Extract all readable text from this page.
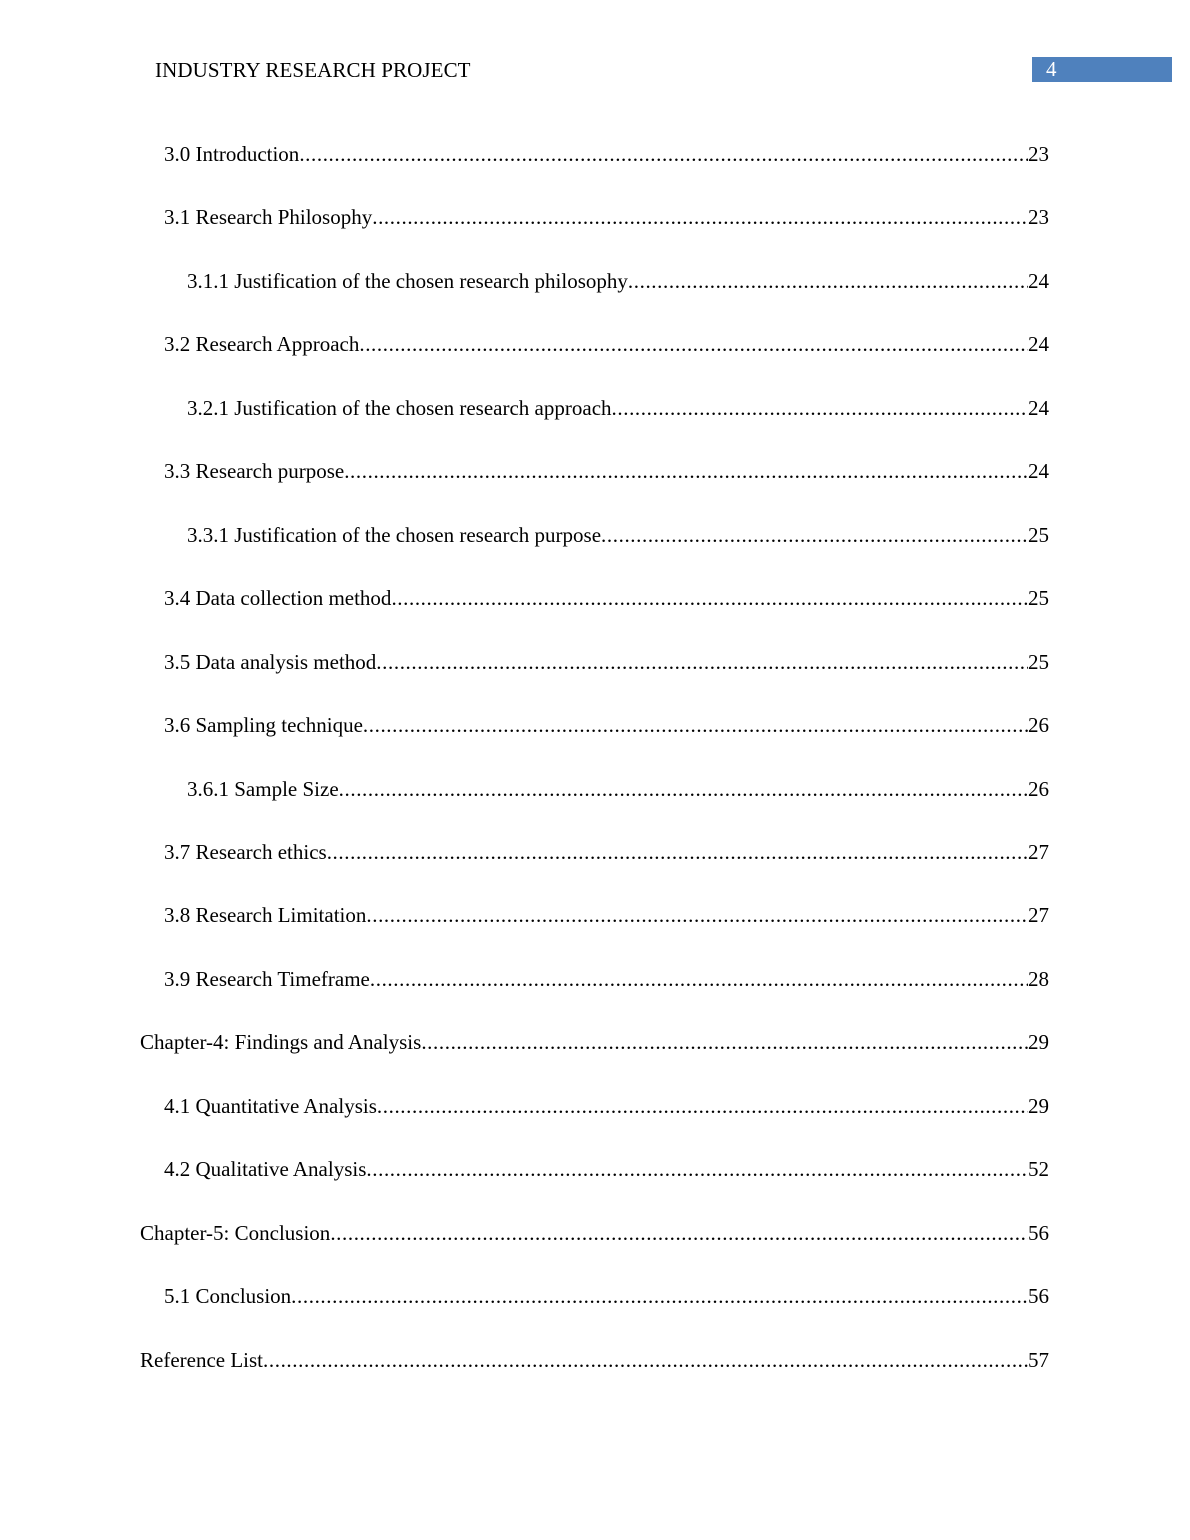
INDUSTRY RESEARCH PROJECT	4
3.0 Introduction .....	23
3.1 Research Philosophy .....	23
3.1.1 Justification of the chosen research philosophy .....	24
3.2 Research Approach .....	24
3.2.1 Justification of the chosen research approach .....	24
3.3 Research purpose .....	24
3.3.1 Justification of the chosen research purpose .....	25
3.4 Data collection method .....	25
3.5 Data analysis method .....	25
3.6 Sampling technique .....	26
3.6.1 Sample Size .....	26
3.7 Research ethics .....	27
3.8 Research Limitation .....	27
3.9 Research Timeframe .....	28
Chapter-4: Findings and Analysis .....	29
4.1 Quantitative Analysis .....	29
4.2 Qualitative Analysis .....	52
Chapter-5: Conclusion .....	56
5.1 Conclusion .....	56
Reference List .....	57
